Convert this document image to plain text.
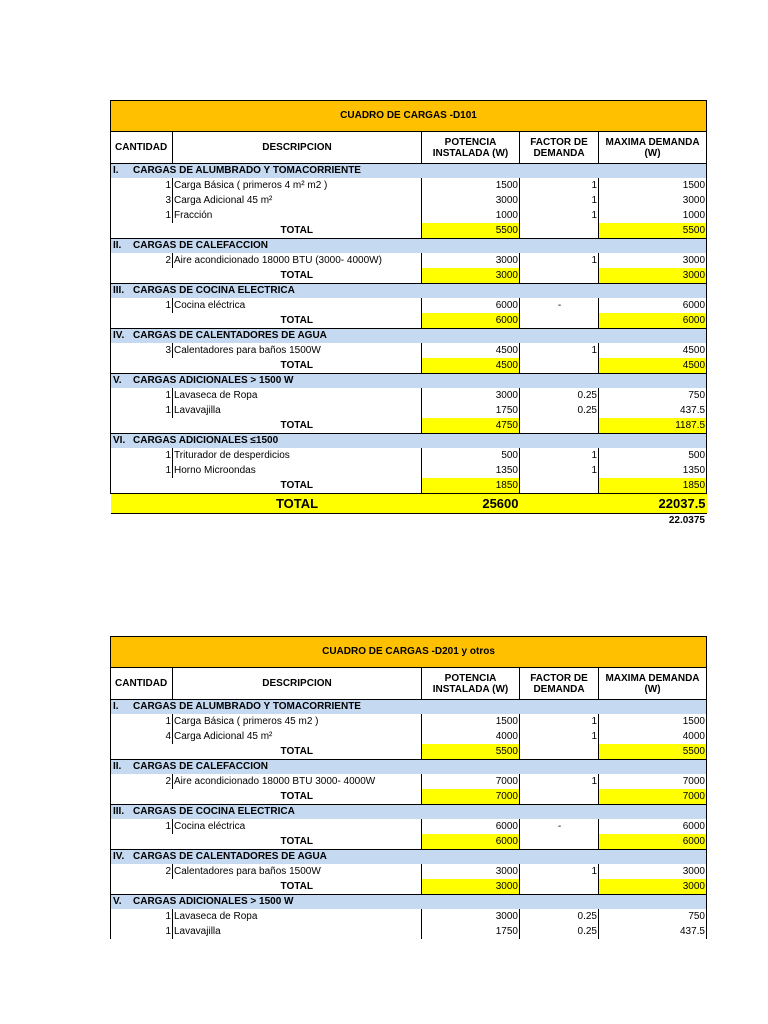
CUADRO DE CARGAS -D101				
CANTIDAD	DESCRIPCION	POTENCIA INSTALADA (W)	FACTOR DE DEMANDA	MAXIMA DEMANDA (W)
I. CARGAS DE ALUMBRADO Y TOMACORRIENTE				
1	Carga Básica ( primeros 4 m² m2 )	1500	1	1500
3	Carga Adicional 45 m²	3000	1	3000
1	Fracción	1000	1	1000
	TOTAL	5500		5500
II. CARGAS DE CALEFACCION				
2	Aire acondicionado 18000 BTU (3000- 4000W)	3000	1	3000
	TOTAL	3000		3000
III. CARGAS DE COCINA ELECTRICA				
1	Cocina eléctrica	6000	-	6000
	TOTAL	6000		6000
IV. CARGAS DE CALENTADORES DE AGUA				
3	Calentadores para baños 1500W	4500	1	4500
	TOTAL	4500		4500
V. CARGAS ADICIONALES > 1500 W				
1	Lavaseca de Ropa	3000	0.25	750
1	Lavavajilla	1750	0.25	437.5
	TOTAL	4750		1187.5
VI. CARGAS ADICIONALES ≤1500				
1	Triturador de desperdicios	500	1	500
1	Horno Microondas	1350	1	1350
	TOTAL	1850		1850
	TOTAL	25600		22037.5
22.0375
CUADRO DE CARGAS -D201 y otros				
CANTIDAD	DESCRIPCION	POTENCIA INSTALADA (W)	FACTOR DE DEMANDA	MAXIMA DEMANDA (W)
I. CARGAS DE ALUMBRADO Y TOMACORRIENTE				
1	Carga Básica ( primeros 45 m2 )	1500	1	1500
4	Carga Adicional 45 m²	4000	1	4000
	TOTAL	5500		5500
II. CARGAS DE CALEFACCION				
2	Aire acondicionado 18000 BTU 3000- 4000W	7000	1	7000
	TOTAL	7000		7000
III. CARGAS DE COCINA ELECTRICA				
1	Cocina eléctrica	6000	-	6000
	TOTAL	6000		6000
IV. CARGAS DE CALENTADORES DE AGUA				
2	Calentadores para baños 1500W	3000	1	3000
	TOTAL	3000		3000
V. CARGAS ADICIONALES > 1500 W				
1	Lavaseca de Ropa	3000	0.25	750
1	Lavavajilla	1750	0.25	437.5
